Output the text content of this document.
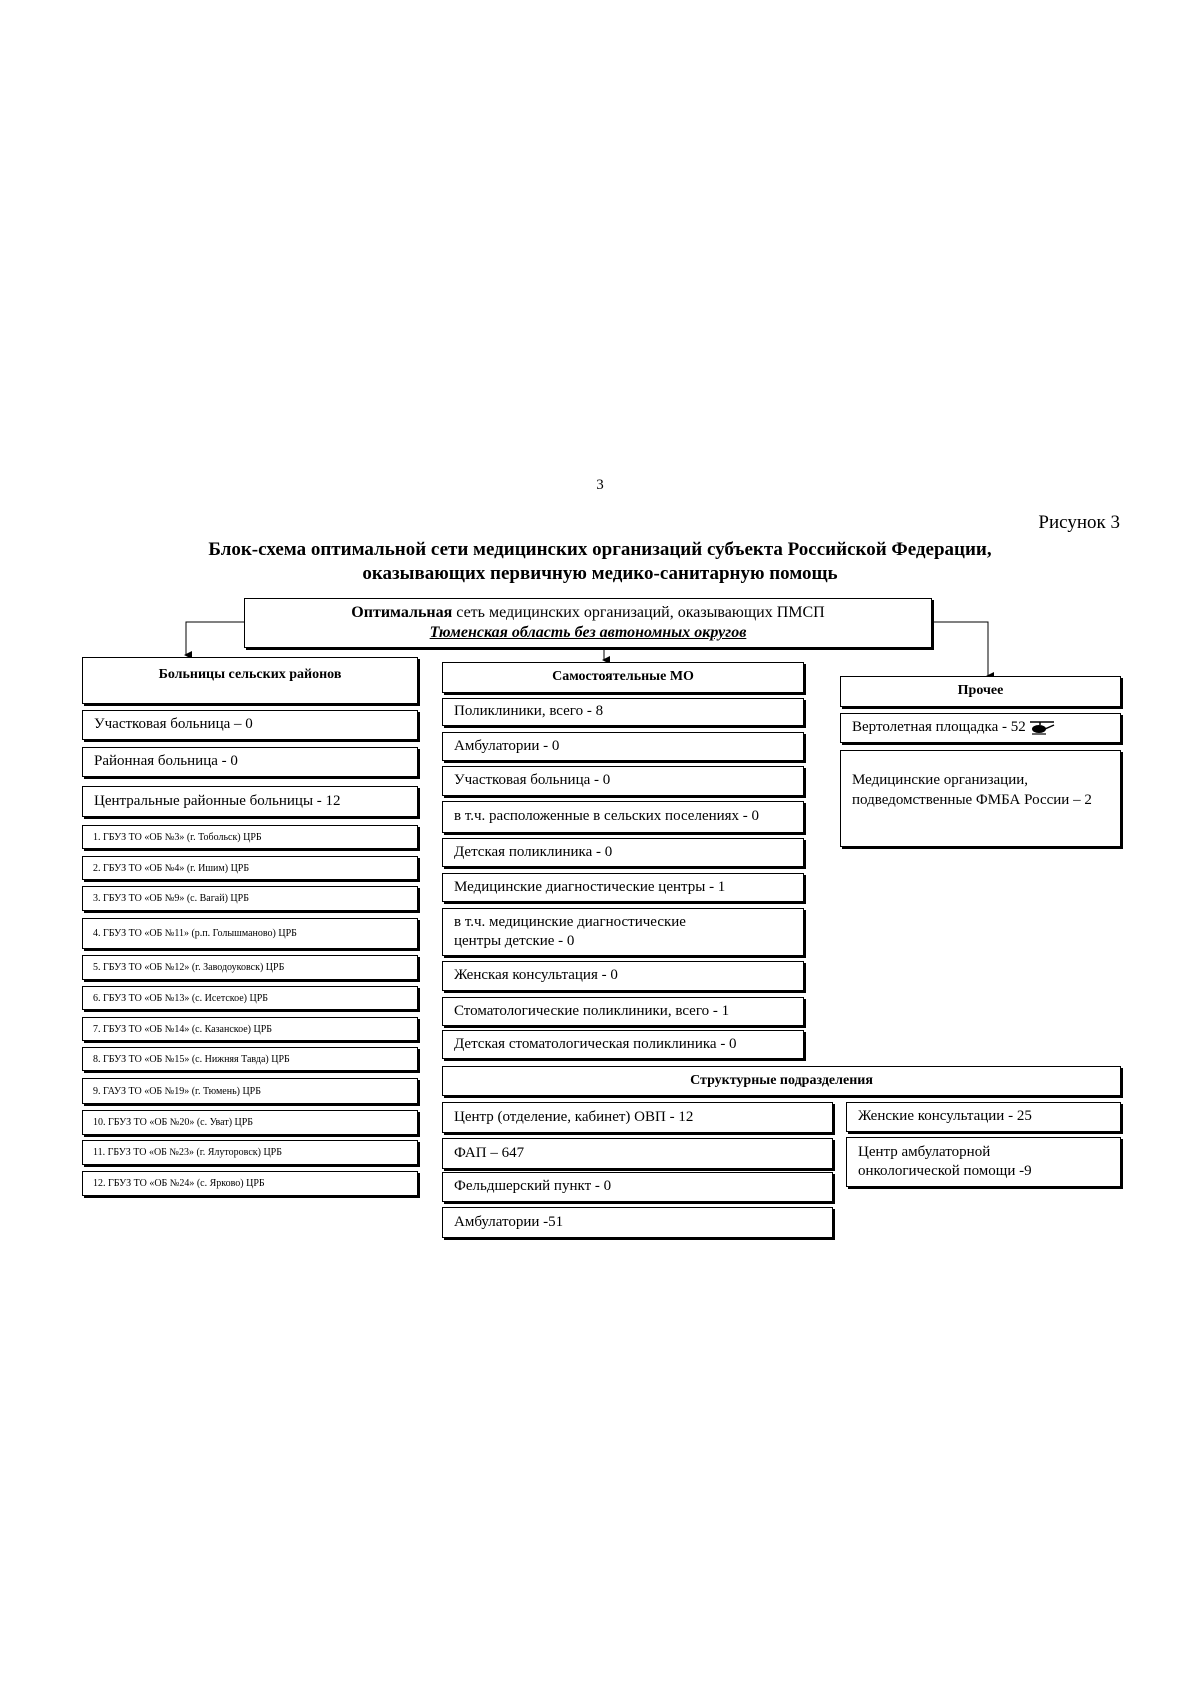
3
Рисунок 3
Блок-схема оптимальной сети медицинских организаций субъекта Российской Федерации,
оказывающих первичную медико-санитарную помощь
Оптимальная сеть медицинских организаций, оказывающих ПМСП
Тюменская область без автономных округов
Больницы сельских районов
Участковая больница – 0
Районная больница - 0
Центральные районные больницы - 12
1. ГБУЗ ТО «ОБ №3» (г. Тобольск) ЦРБ
2. ГБУЗ ТО «ОБ №4» (г. Ишим) ЦРБ
3. ГБУЗ ТО «ОБ №9» (с. Вагай) ЦРБ
4. ГБУЗ ТО «ОБ №11» (р.п. Голышманово) ЦРБ
5. ГБУЗ ТО «ОБ №12» (г. Заводоуковск) ЦРБ
6. ГБУЗ ТО «ОБ №13» (с. Исетское) ЦРБ
7. ГБУЗ ТО «ОБ №14» (с. Казанское) ЦРБ
8. ГБУЗ ТО «ОБ №15» (с. Нижняя Тавда) ЦРБ
9. ГАУЗ ТО «ОБ №19» (г. Тюмень) ЦРБ
10. ГБУЗ ТО «ОБ №20» (с. Уват) ЦРБ
11. ГБУЗ ТО «ОБ №23» (г. Ялуторовск) ЦРБ
12. ГБУЗ ТО «ОБ №24» (с. Ярково) ЦРБ
Самостоятельные МО
Поликлиники, всего - 8
Амбулатории - 0
Участковая больница - 0
в т.ч. расположенные в сельских поселениях - 0
Детская поликлиника - 0
Медицинские диагностические центры - 1
в т.ч. медицинские диагностические
центры детские - 0
Женская консультация - 0
Стоматологические поликлиники, всего - 1
Детская стоматологическая поликлиника - 0
Прочее
Вертолетная площадка - 52
Медицинские организации,
подведомственные ФМБА России – 2
Структурные подразделения
Центр (отделение, кабинет) ОВП - 12
ФАП – 647
Фельдшерский пункт - 0
Амбулатории -51
Женские консультации - 25
Центр амбулаторной
онкологической помощи -9
